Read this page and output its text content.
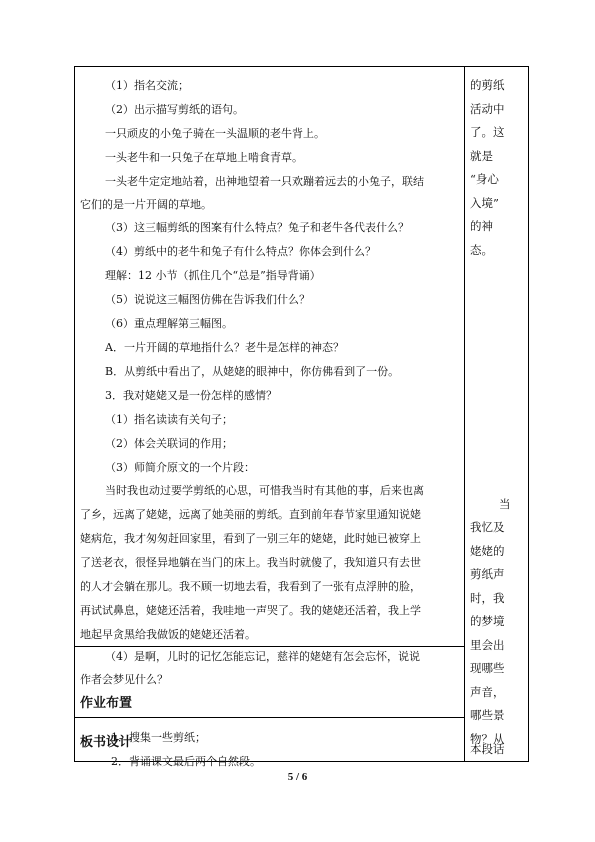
（1）指名交流；
（2）出示描写剪纸的语句。
一只顽皮的小兔子骑在一头温顺的老牛背上。
一头老牛和一只兔子在草地上啃食青草。
一头老牛定定地站着，出神地望着一只欢蹦着远去的小兔子，联结
它们的是一片开阔的草地。
（3）这三幅剪纸的图案有什么特点？兔子和老牛各代表什么？
（4）剪纸中的老牛和兔子有什么特点？你体会到什么？
理解：12 小节（抓住几个“总是”指导背诵）
（5）说说这三幅图仿佛在告诉我们什么？
（6）重点理解第三幅图。
A．一片开阔的草地指什么？老牛是怎样的神态？
B．从剪纸中看出了，从姥姥的眼神中，你仿佛看到了一份。
3．我对姥姥又是一份怎样的感情？
（1）指名读读有关句子；
（2）体会关联词的作用；
（3）师简介原文的一个片段：
当时我也动过要学剪纸的心思，可惜我当时有其他的事，后来也离
了乡，远离了姥姥，远离了她美丽的剪纸。直到前年春节家里通知说姥
姥病危，我才匆匆赶回家里，看到了一别三年的姥姥，此时她已被穿上
了送老衣，很怪异地躺在当门的床上。我当时就傻了，我知道只有去世
的人才会躺在那儿。我不顾一切地去看，我看到了一张有点浮肿的脸，
再试试鼻息，姥姥还活着，我哇地一声哭了。我的姥姥还活着，我上学
地起早贪黑给我做饭的姥姥还活着。
（4）是啊，儿时的记忆怎能忘记，慈祥的姥姥有怎会忘怀，说说
作者会梦见什么？
作业布置
1．搜集一些剪纸；
2．背诵课文最后两个自然段。
的剪纸
活动中
了。这
就是
“身心
入境”
的神
态。
当
我忆及
姥姥的
剪纸声
时，我
的梦境
里会出
现哪些
声音，
哪些景
物？从
本段话
板书设计
5 / 6
